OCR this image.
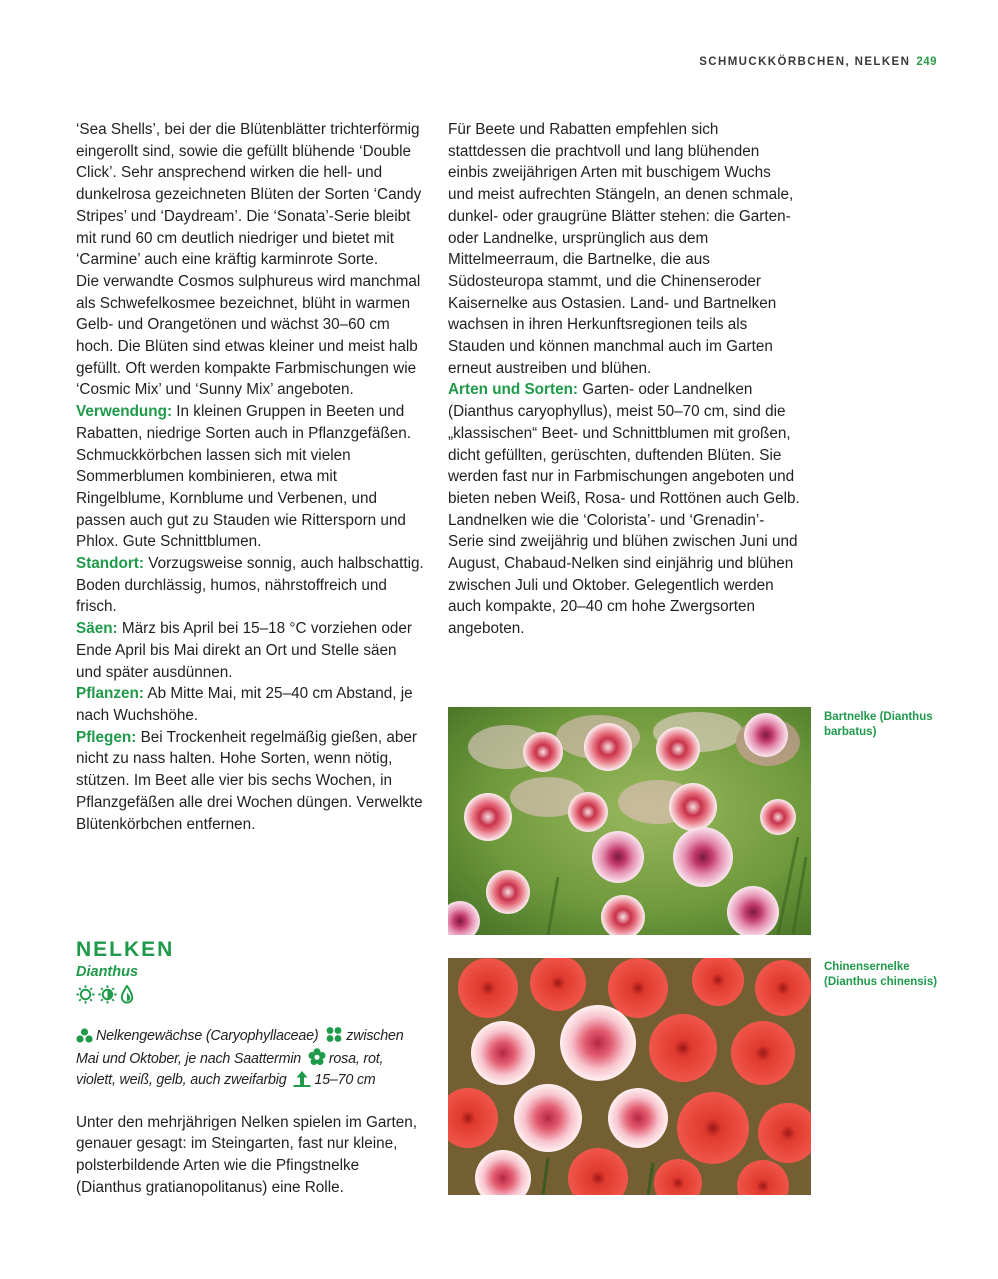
SCHMUCKKÖRBCHEN, NELKEN 249

‘Sea Shells’, bei der die Blütenblätter trichterförmig eingerollt sind, sowie die gefüllt blühende ‘Double Click’. Sehr ansprechend wirken die hell- und dunkelrosa gezeichneten Blüten der Sorten ‘Candy Stripes’ und ‘Daydream’. Die ‘Sonata’-Serie bleibt mit rund 60 cm deutlich niedriger und bietet mit ‘Carmine’ auch eine kräftig karminrote Sorte.

Die verwandte Cosmos sulphureus wird manchmal als Schwefelkosmee bezeichnet, blüht in warmen Gelb- und Orangetönen und wächst 30–60 cm hoch. Die Blüten sind etwas kleiner und meist halb gefüllt. Oft werden kompakte Farbmischungen wie ‘Cosmic Mix’ und ‘Sunny Mix’ angeboten.

Verwendung: In kleinen Gruppen in Beeten und Rabatten, niedrige Sorten auch in Pflanzgefäßen. Schmuckkörbchen lassen sich mit vielen Sommerblumen kombinieren, etwa mit Ringelblume, Kornblume und Verbenen, und passen auch gut zu Stauden wie Rittersporn und Phlox. Gute Schnittblumen.

Standort: Vorzugsweise sonnig, auch halbschattig. Boden durchlässig, humos, nährstoffreich und frisch.

Säen: März bis April bei 15–18 °C vorziehen oder Ende April bis Mai direkt an Ort und Stelle säen und später ausdünnen.

Pflanzen: Ab Mitte Mai, mit 25–40 cm Abstand, je nach Wuchshöhe.

Pflegen: Bei Trockenheit regelmäßig gießen, aber nicht zu nass halten. Hohe Sorten, wenn nötig, stützen. Im Beet alle vier bis sechs Wochen, in Pflanzgefäßen alle drei Wochen düngen. Verwelkte Blütenkörbchen entfernen.

Für Beete und Rabatten empfehlen sich stattdessen die prachtvoll und lang blühenden einbis zweijährigen Arten mit buschigem Wuchs und meist aufrechten Stängeln, an denen schmale, dunkel- oder graugrüne Blätter stehen: die Garten- oder Landnelke, ursprünglich aus dem Mittelmeerraum, die Bartnelke, die aus Südosteuropa stammt, und die Chinenseroder Kaisernelke aus Ostasien. Land- und Bartnelken wachsen in ihren Herkunftsregionen teils als Stauden und können manchmal auch im Garten erneut austreiben und blühen.

Arten und Sorten: Garten- oder Landnelken (Dianthus caryophyllus), meist 50–70 cm, sind die „klassischen“ Beet- und Schnittblumen mit großen, dicht gefüllten, gerüschten, duftenden Blüten. Sie werden fast nur in Farbmischungen angeboten und bieten neben Weiß, Rosa- und Rottönen auch Gelb. Landnelken wie die ‘Colorista’- und ‘Grenadin’-Serie sind zweijährig und blühen zwischen Juni und August, Chabaud-Nelken sind einjährig und blühen zwischen Juli und Oktober. Gelegentlich werden auch kompakte, 20–40 cm hohe Zwergsorten angeboten.

NELKEN
Dianthus
Nelkengewächse (Caryophyllaceae) zwischen Mai und Oktober, je nach Saattermin rosa, rot, violett, weiß, gelb, auch zweifarbig 15–70 cm

Unter den mehrjährigen Nelken spielen im Garten, genauer gesagt: im Steingarten, fast nur kleine, polsterbildende Arten wie die Pfingstnelke (Dianthus gratianopolitanus) eine Rolle.

Bartnelke (Dianthus barbatus)
Chinensernelke (Dianthus chinensis)
